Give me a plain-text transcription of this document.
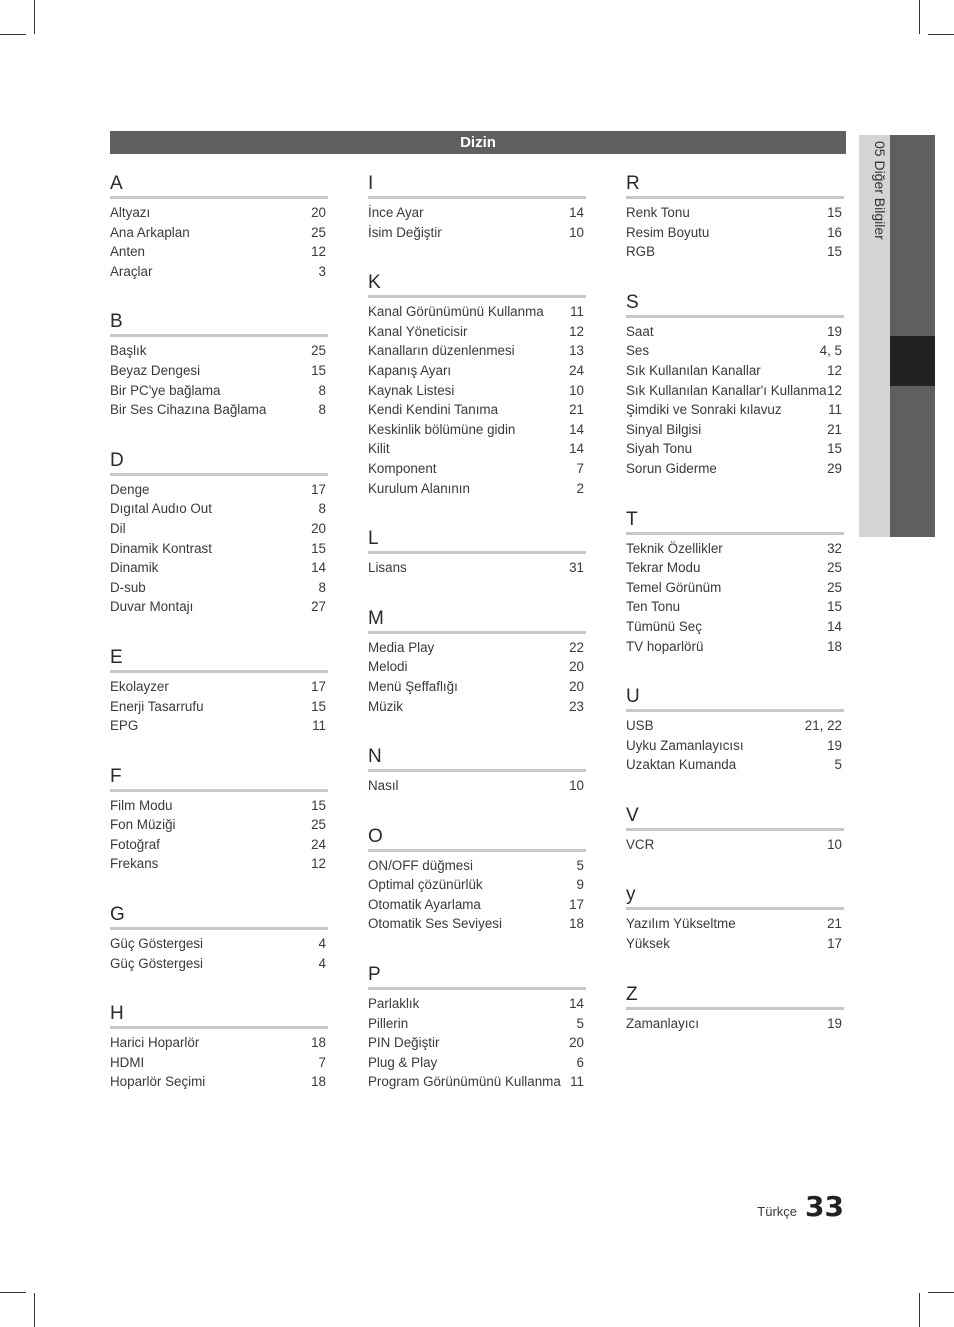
Dizin
A
Altyazı	20
Ana Arkaplan	25
Anten	12
Araçlar	3
B
Başlık	25
Beyaz Dengesi	15
Bir PC'ye bağlama	8
Bir Ses Cihazına Bağlama	8
D
Denge	17
Dıgıtal Audıo Out	8
Dil	20
Dinamik Kontrast	15
Dinamik	14
D-sub	8
Duvar Montajı	27
E
Ekolayzer	17
Enerji Tasarrufu	15
EPG	11
F
Film Modu	15
Fon Müziği	25
Fotoğraf	24
Frekans	12
G
Güç Göstergesi	4
Güç Göstergesi	4
H
Harici Hoparlör	18
HDMI	7
Hoparlör Seçimi	18
I
İnce Ayar	14
İsim Değiştir	10
K
Kanal Görünümünü Kullanma 11
Kanal Yöneticisir	12
Kanalların düzenlenmesi	13
Kapanış Ayarı	24
Kaynak Listesi	10
Kendi Kendini Tanıma	21
Keskinlik bölümüne gidin	14
Kilit	14
Komponent	7
Kurulum Alanının	2
L
Lisans	31
M
Media Play	22
Melodi	20
Menü Şeffaflığı	20
Müzik	23
N
Nasıl	10
O
ON/OFF düğmesi	5
Optimal çözünürlük	9
Otomatik Ayarlama	17
Otomatik Ses Seviyesi	18
P
Parlaklık	14
Pillerin	5
PIN Değiştir	20
Plug & Play	6
Program Görünümünü Kullanma 11
R
Renk Tonu	15
Resim Boyutu	16
RGB	15
S
Saat	19
Ses	4, 5
Sık Kullanılan Kanallar	12
Sık Kullanılan Kanallar'ı Kullanma 12
Şimdiki ve Sonraki kılavuz	11
Sinyal Bilgisi	21
Siyah Tonu	15
Sorun Giderme	29
T
Teknik Özellikler	32
Tekrar Modu	25
Temel Görünüm	25
Ten Tonu	15
Tümünü Seç	14
TV hoparlörü	18
U
USB	21, 22
Uyku Zamanlayıcısı	19
Uzaktan Kumanda	5
V
VCR	10
y
Yazılım Yükseltme	21
Yüksek	17
Z
Zamanlayıcı	19
05 Diğer Bilgiler
Türkçe 33
